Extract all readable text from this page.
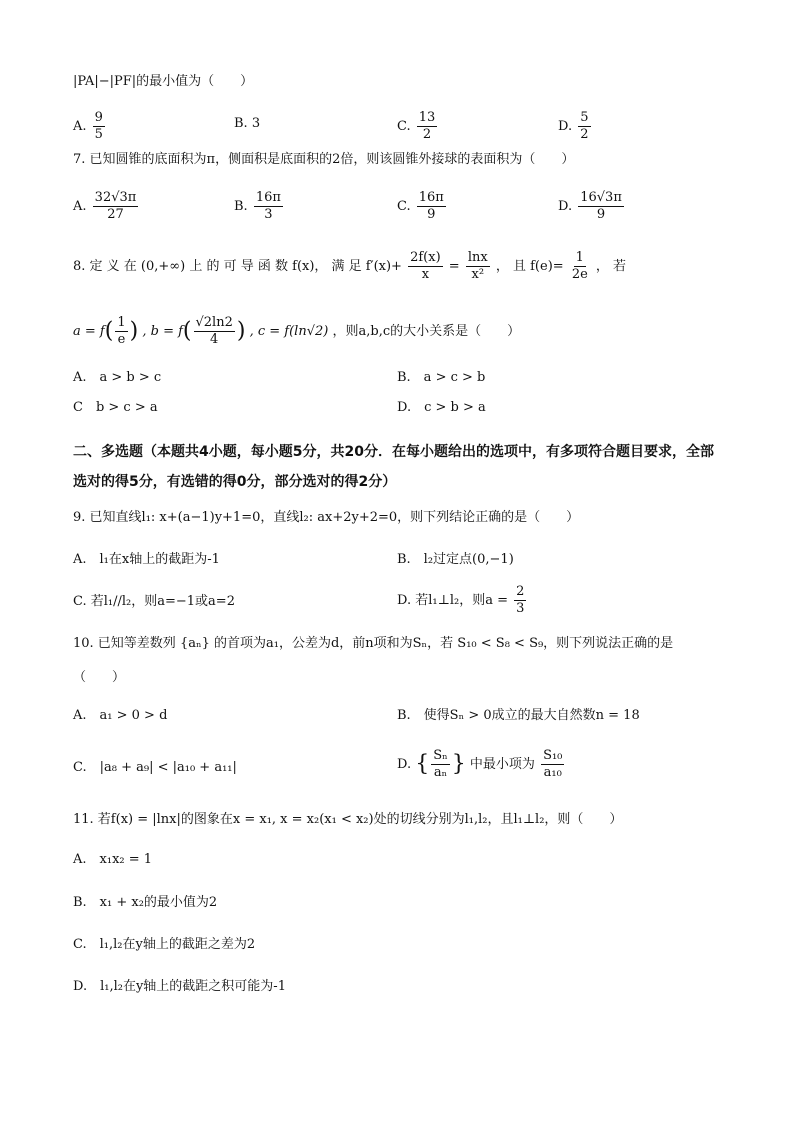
|PA|−|PF|的最小值为（　　）
A. $\frac{9}{5}$	B. 3	C. $\frac{13}{2}$	D. $\frac{5}{2}$
7. 已知圆锥的底面积为π，侧面积是底面积的2倍，则该圆锥外接球的表面积为（　　）
A. $\frac{32√3\pi}{27}$	B. $\frac{16\pi}{3}$	C. $\frac{16\pi}{9}$	D. $\frac{16√3\pi}{9}$
8. 定 义 在 (0,+∞) 上 的 可 导 函 数 f(x)， 满 足 $f'(x)+ \frac{2f(x)}{x} = \frac{\ln x}{\text{x²}}$ ， 且 $f(e)= \frac{1}{2e}$ ， 若
$a = f( \frac{1}{e}$ ) , $b = f( \frac{√2\ln 2}{4}$ ) , c = f(ln√2) ，则a,b,c的大小关系是（　　）
A.　a > b > c	B.　a > c > b
C　b > c > a	D.　c > b > a
二、多选题（本题共4小题，每小题5分，共20分．在每小题给出的选项中，有多项符合题目要求，全部选对的得5分，有选错的得0分，部分选对的得2分）
9. 已知直线l₁: x+(a−1)y+1=0，直线l₂: ax+2y+2=0，则下列结论正确的是（　　）
A.　l₁在x轴上的截距为-1	B.　l₂过定点(0,−1)
C. 若l₁//l₂，则a=−1或a=2	D. 若l₁⊥l₂，则$a = \frac{2}{3}$
10. 已知等差数列 {aₙ} 的首项为a₁，公差为d，前n项和为Sₙ，若 S₁₀ < S₈ < S₉，则下列说法正确的是
（　　）
A.　a₁ > 0 > d	B.　使得Sₙ > 0成立的最大自然数n = 18
C.　|a₈ + a₉| < |a₁₀ + a₁₁|	D. { $\frac{\text{Sₙ}}{\text{aₙ}}$ } 中最小项为 $\frac{\text{S₁₀}}{\text{a₁₀}}$
11. 若f(x) = |lnx|的图象在x = x₁, x = x₂(x₁ < x₂)处的切线分别为l₁,l₂，且l₁⊥l₂，则（　　）
A.　x₁x₂ = 1
B.　x₁ + x₂的最小值为2
C.　l₁,l₂在y轴上的截距之差为2
D.　l₁,l₂在y轴上的截距之积可能为-1
